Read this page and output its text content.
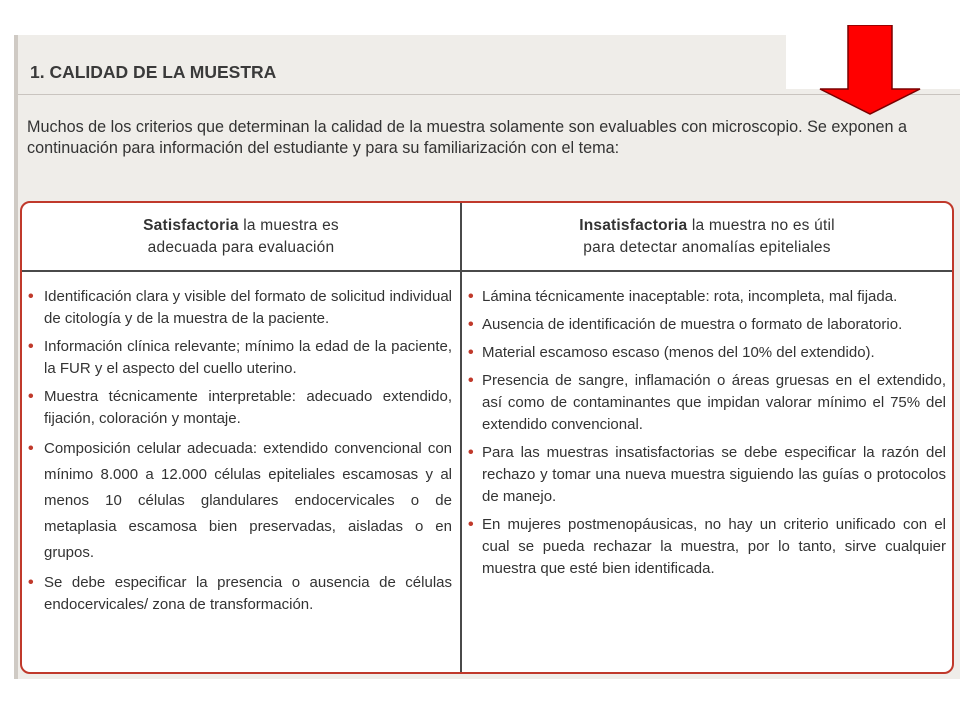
1. CALIDAD DE LA MUESTRA

Muchos de los criterios que determinan la calidad de la muestra solamente son evaluables con microscopio. Se exponen a continuación para información del estudiante y para su familiarización con el tema:

Satisfactoria la muestra es
adecuada para evaluación
Insatisfactoria la muestra no es útil
para detectar anomalías epiteliales
• Identificación clara y visible del formato de solicitud individual de citología y de la muestra de la paciente.
• Información clínica relevante; mínimo la edad de la paciente, la FUR y el aspecto del cuello uterino.
• Muestra técnicamente interpretable: adecuado extendido, fijación, coloración y montaje.
• Composición celular adecuada: extendido convencional con mínimo 8.000 a 12.000 células epiteliales escamosas y al menos 10 células glandulares endocervicales o de metaplasia escamosa bien preservadas, aisladas o en grupos.
• Se debe especificar la presencia o ausencia de células endocervicales/ zona de transformación.
• Lámina técnicamente inaceptable: rota, incompleta, mal fijada.
• Ausencia de identificación de muestra o formato de laboratorio.
• Material escamoso escaso (menos del 10% del extendido).
• Presencia de sangre, inflamación o áreas gruesas en el extendido, así como de contaminantes que impidan valorar mínimo el 75% del extendido convencional.
• Para las muestras insatisfactorias se debe especificar la razón del rechazo y tomar una nueva muestra siguiendo las guías o protocolos de manejo.
• En mujeres postmenopáusicas, no hay un criterio unificado con el cual se pueda rechazar la muestra, por lo tanto, sirve cualquier muestra que esté bien identificada.
